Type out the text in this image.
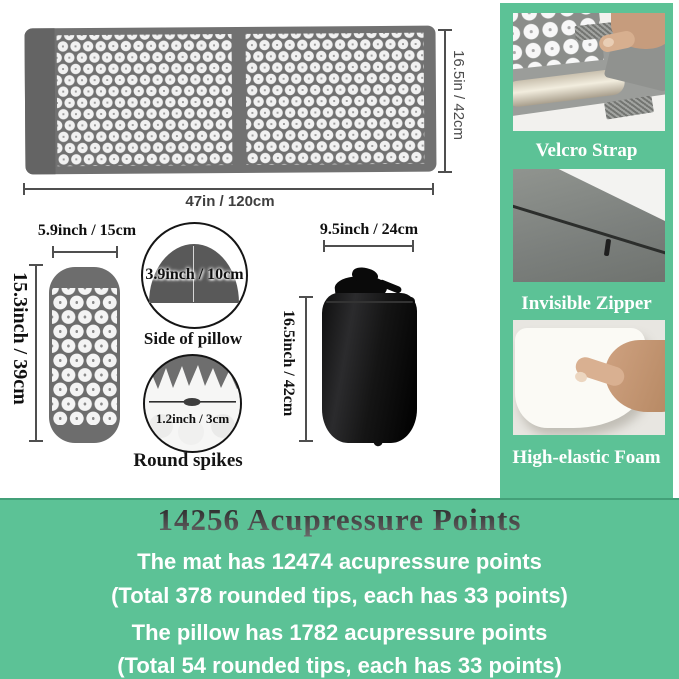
47in / 120cm
16.5in / 42cm
5.9inch / 15cm
15.3inch / 39cm	3.9inch / 10cm
Side of pillow
1.2inch / 3cm
Round spikes
9.5inch / 24cm
16.5inch / 42cm
Velcro Strap
Invisible Zipper
High-elastic Foam
14256 Acupressure Points
The mat has 12474 acupressure points
(Total 378 rounded tips, each has 33 points)
The pillow has 1782 acupressure points
(Total 54 rounded tips, each has 33 points)
